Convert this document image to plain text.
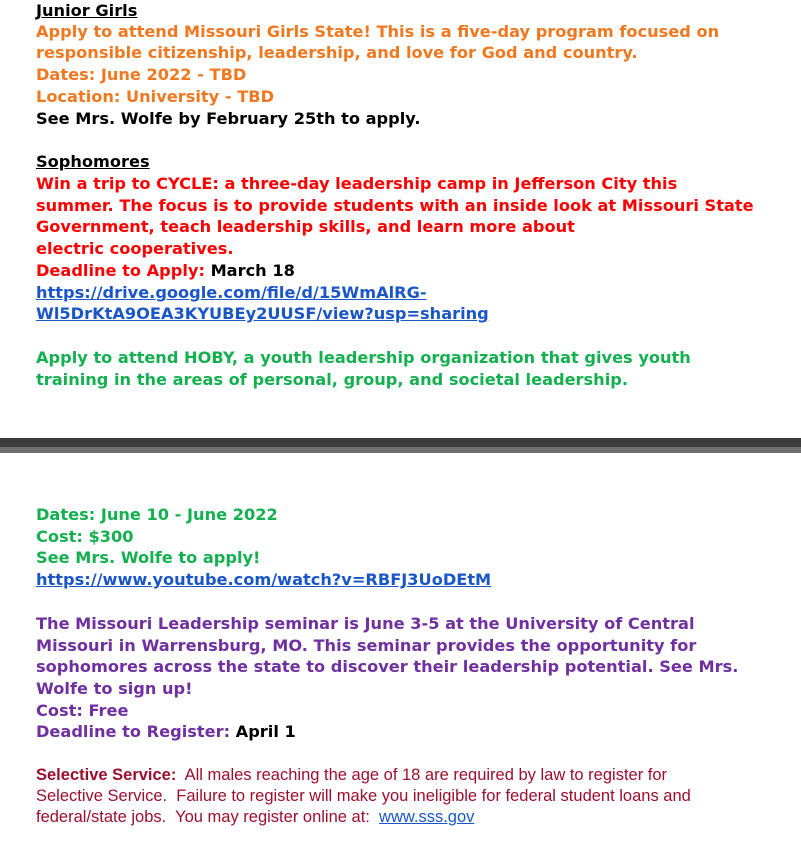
Junior Girls
Apply to attend Missouri Girls State! This is a five-day program focused on
responsible citizenship, leadership, and love for God and country.
Dates: June 2022 - TBD
Location: University - TBD
See Mrs. Wolfe by February 25th to apply.
Sophomores
Win a trip to CYCLE: a three-day leadership camp in Jefferson City this
summer. The focus is to provide students with an inside look at Missouri State
Government, teach leadership skills, and learn more about
electric cooperatives.
Deadline to Apply: March 18
https://drive.google.com/file/d/15WmAlRG-
Wl5DrKtA9OEA3KYUBEy2UUSF/view?usp=sharing
Apply to attend HOBY, a youth leadership organization that gives youth
training in the areas of personal, group, and societal leadership.
Dates: June 10 - June 2022
Cost: $300
See Mrs. Wolfe to apply!
https://www.youtube.com/watch?v=RBFJ3UoDEtM
The Missouri Leadership seminar is June 3-5 at the University of Central
Missouri in Warrensburg, MO. This seminar provides the opportunity for
sophomores across the state to discover their leadership potential. See Mrs.
Wolfe to sign up!
Cost: Free
Deadline to Register: April 1
Selective Service:  All males reaching the age of 18 are required by law to register for
Selective Service.  Failure to register will make you ineligible for federal student loans and
federal/state jobs.  You may register online at:  www.sss.gov
